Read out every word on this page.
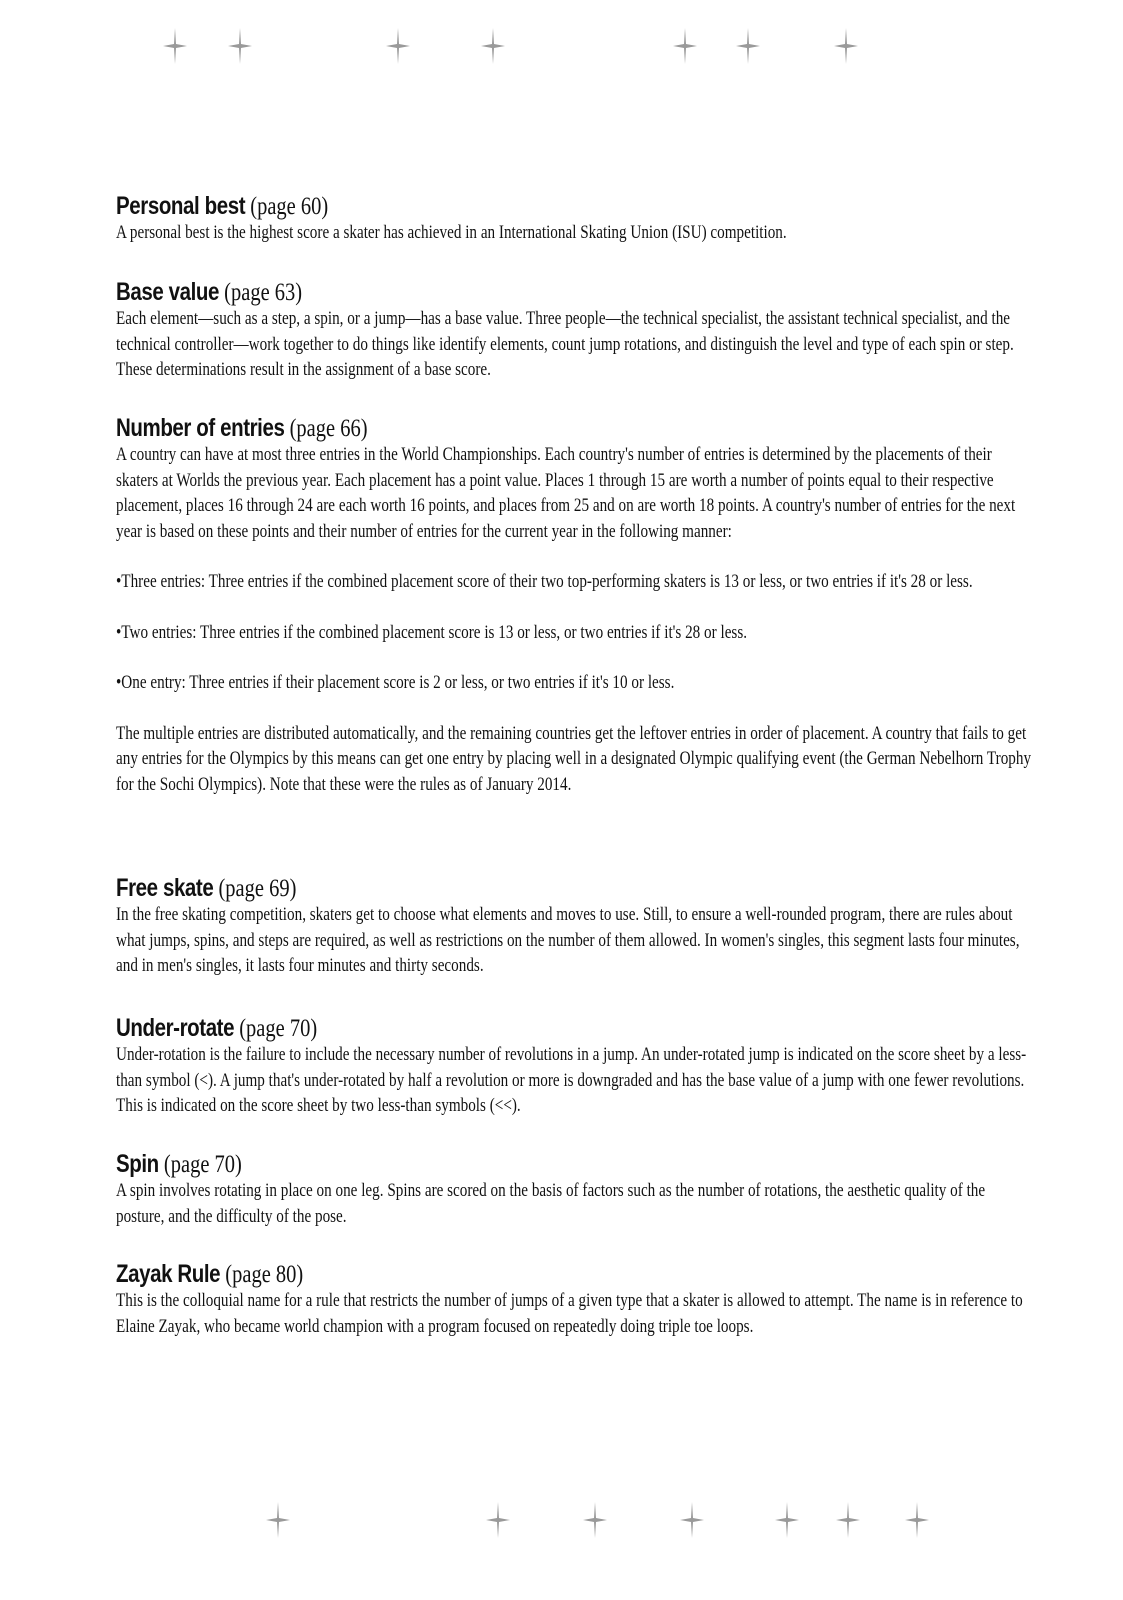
Personal best (page 60)

A personal best is the highest score a skater has achieved in an International Skating Union (ISU) competition.

Base value (page 63)

Each element—such as a step, a spin, or a jump—has a base value. Three people—the technical specialist, the assistant technical specialist, and the technical controller—work together to do things like identify elements, count jump rotations, and distinguish the level and type of each spin or step. These determinations result in the assignment of a base score.

Number of entries (page 66)

A country can have at most three entries in the World Championships. Each country's number of entries is determined by the placements of their skaters at Worlds the previous year. Each placement has a point value. Places 1 through 15 are worth a number of points equal to their respective placement, places 16 through 24 are each worth 16 points, and places from 25 and on are worth 18 points. A country's number of entries for the next year is based on these points and their number of entries for the current year in the following manner:

•Three entries: Three entries if the combined placement score of their two top-performing skaters is 13 or less, or two entries if it's 28 or less.

•Two entries: Three entries if the combined placement score is 13 or less, or two entries if it's 28 or less.

•One entry: Three entries if their placement score is 2 or less, or two entries if it's 10 or less.

The multiple entries are distributed automatically, and the remaining countries get the leftover entries in order of placement. A country that fails to get any entries for the Olympics by this means can get one entry by placing well in a designated Olympic qualifying event (the German Nebelhorn Trophy for the Sochi Olympics). Note that these were the rules as of January 2014.

Free skate (page 69)

In the free skating competition, skaters get to choose what elements and moves to use. Still, to ensure a well-rounded program, there are rules about what jumps, spins, and steps are required, as well as restrictions on the number of them allowed. In women's singles, this segment lasts four minutes, and in men's singles, it lasts four minutes and thirty seconds.

Under-rotate (page 70)

Under-rotation is the failure to include the necessary number of revolutions in a jump. An under-rotated jump is indicated on the score sheet by a less-than symbol (<). A jump that's under-rotated by half a revolution or more is downgraded and has the base value of a jump with one fewer revolutions. This is indicated on the score sheet by two less-than symbols (<<).

Spin (page 70)

A spin involves rotating in place on one leg. Spins are scored on the basis of factors such as the number of rotations, the aesthetic quality of the posture, and the difficulty of the pose.

Zayak Rule (page 80)

This is the colloquial name for a rule that restricts the number of jumps of a given type that a skater is allowed to attempt. The name is in reference to Elaine Zayak, who became world champion with a program focused on repeatedly doing triple toe loops.
